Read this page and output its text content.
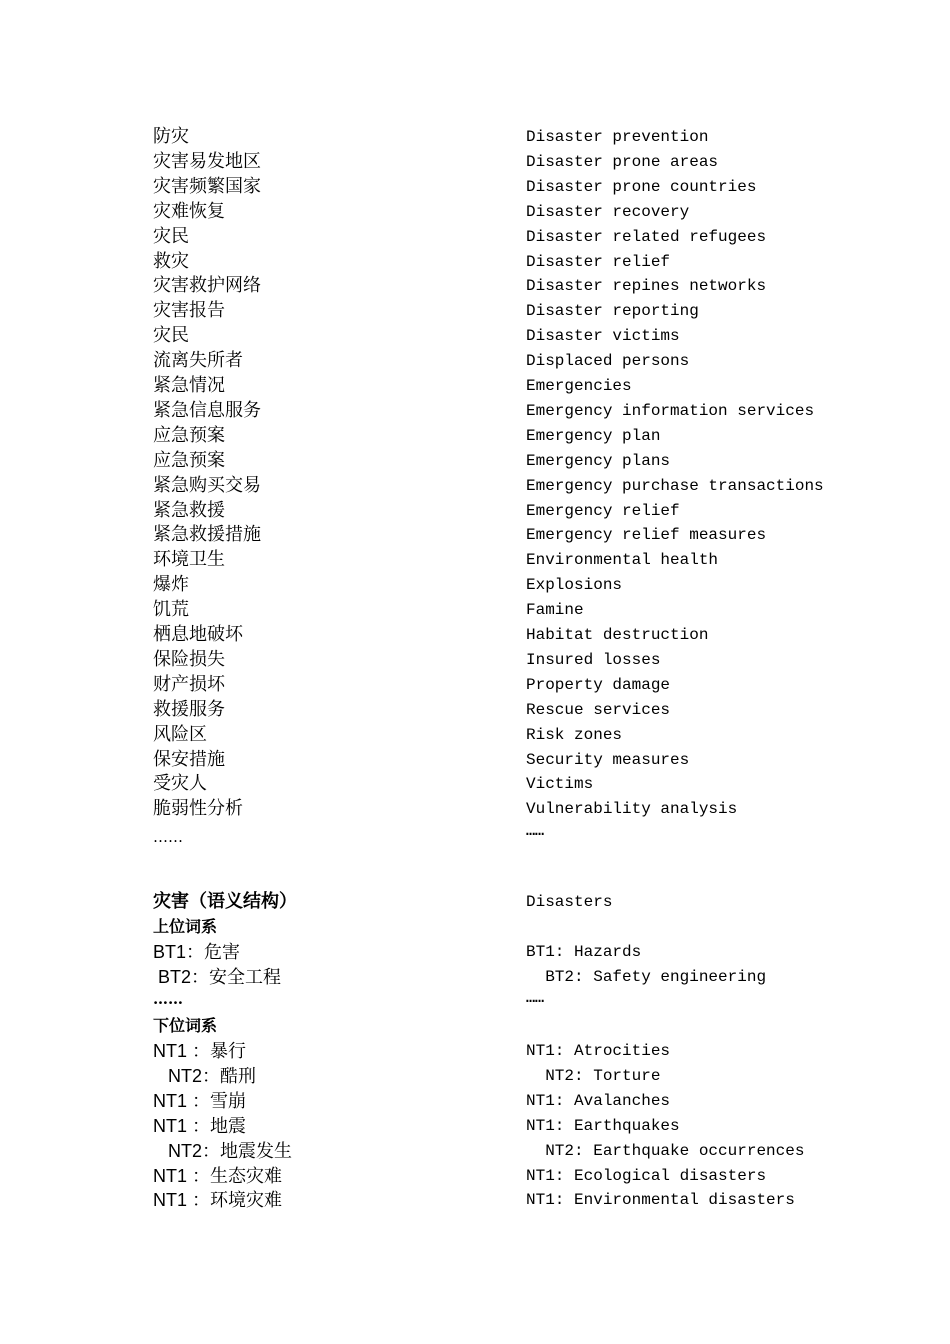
防灾	Disaster prevention
灾害易发地区	Disaster prone areas
灾害频繁国家	Disaster prone countries
灾难恢复	Disaster recovery
灾民	Disaster related refugees
救灾	Disaster relief
灾害救护网络	Disaster repines networks
灾害报告	Disaster reporting
灾民	Disaster victims
流离失所者	Displaced persons
紧急情况	Emergencies
紧急信息服务	Emergency information services
应急预案	Emergency plan
应急预案	Emergency plans
紧急购买交易	Emergency purchase transactions
紧急救援	Emergency relief
紧急救援措施	Emergency relief measures
环境卫生	Environmental health
爆炸	Explosions
饥荒	Famine
栖息地破坏	Habitat destruction
保险损失	Insured losses
财产损坏	Property damage
救援服务	Rescue services
风险区	Risk zones
保安措施	Security measures
受灾人	Victims
脆弱性分析	Vulnerability analysis
……	……
灾害（语义结构）	Disasters
上位词系
BT1：危害	BT1: Hazards
BT2：安全工程	BT2: Safety engineering
……	……
下位词系
NT1 ：暴行	NT1: Atrocities
NT2：酷刑	NT2: Torture
NT1 ：雪崩	NT1: Avalanches
NT1 ：地震	NT1: Earthquakes
NT2：地震发生	NT2: Earthquake occurrences
NT1 ：生态灾难	NT1: Ecological disasters
NT1 ：环境灾难	NT1: Environmental disasters
